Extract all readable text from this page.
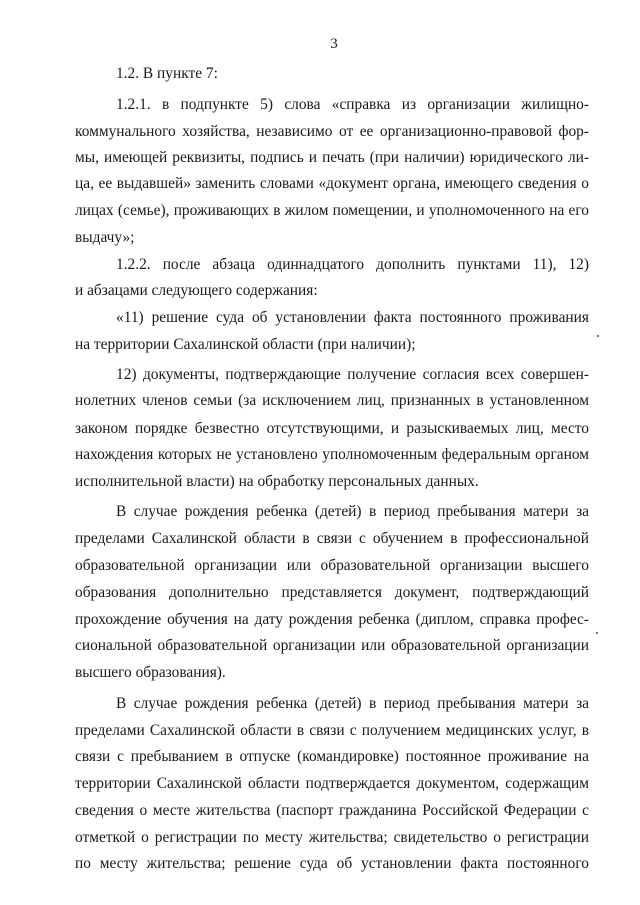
3
1.2. В пункте 7:
1.2.1. в подпункте 5) слова «справка из организации жилищно-
коммунального хозяйства, независимо от ее организационно-правовой фор-
мы, имеющей реквизиты, подпись и печать (при наличии) юридического ли-
ца, ее выдавшей» заменить словами «документ органа, имеющего сведения о
лицах (семье), проживающих в жилом помещении, и уполномоченного на его
выдачу»;
1.2.2. после абзаца одиннадцатого дополнить пунктами 11), 12)
и абзацами следующего содержания:
«11) решение суда об установлении факта постоянного проживания
на территории Сахалинской области (при наличии);
12) документы, подтверждающие получение согласия всех совершен-
нолетних членов семьи (за исключением лиц, признанных в установленном
законом порядке безвестно отсутствующими, и разыскиваемых лиц, место
нахождения которых не установлено уполномоченным федеральным органом
исполнительной власти) на обработку персональных данных.
В случае рождения ребенка (детей) в период пребывания матери за
пределами Сахалинской области в связи с обучением в профессиональной
образовательной организации или образовательной организации высшего
образования дополнительно представляется документ, подтверждающий
прохождение обучения на дату рождения ребенка (диплом, справка профес-
сиональной образовательной организации или образовательной организации
высшего образования).
В случае рождения ребенка (детей) в период пребывания матери за
пределами Сахалинской области в связи с получением медицинских услуг, в
связи с пребыванием в отпуске (командировке) постоянное проживание на
территории Сахалинской области подтверждается документом, содержащим
сведения о месте жительства (паспорт гражданина Российской Федерации с
отметкой о регистрации по месту жительства; свидетельство о регистрации
по месту жительства; решение суда об установлении факта постоянного
